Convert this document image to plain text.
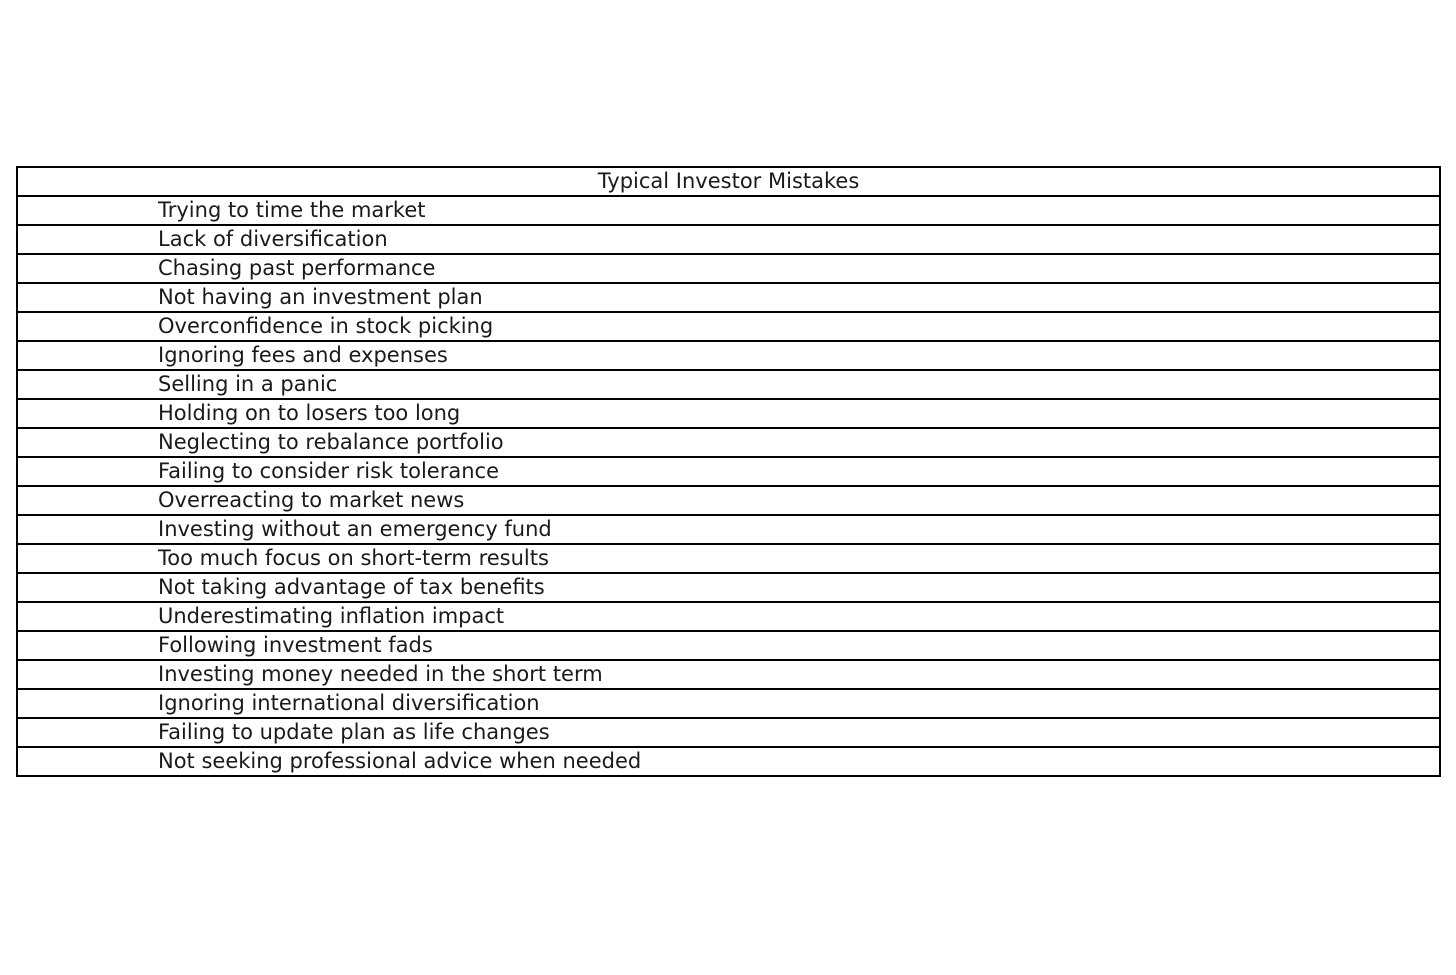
Typical Investor Mistakes
Trying to time the market
Lack of diversification
Chasing past performance
Not having an investment plan
Overconfidence in stock picking
Ignoring fees and expenses
Selling in a panic
Holding on to losers too long
Neglecting to rebalance portfolio
Failing to consider risk tolerance
Overreacting to market news
Investing without an emergency fund
Too much focus on short-term results
Not taking advantage of tax benefits
Underestimating inflation impact
Following investment fads
Investing money needed in the short term
Ignoring international diversification
Failing to update plan as life changes
Not seeking professional advice when needed
